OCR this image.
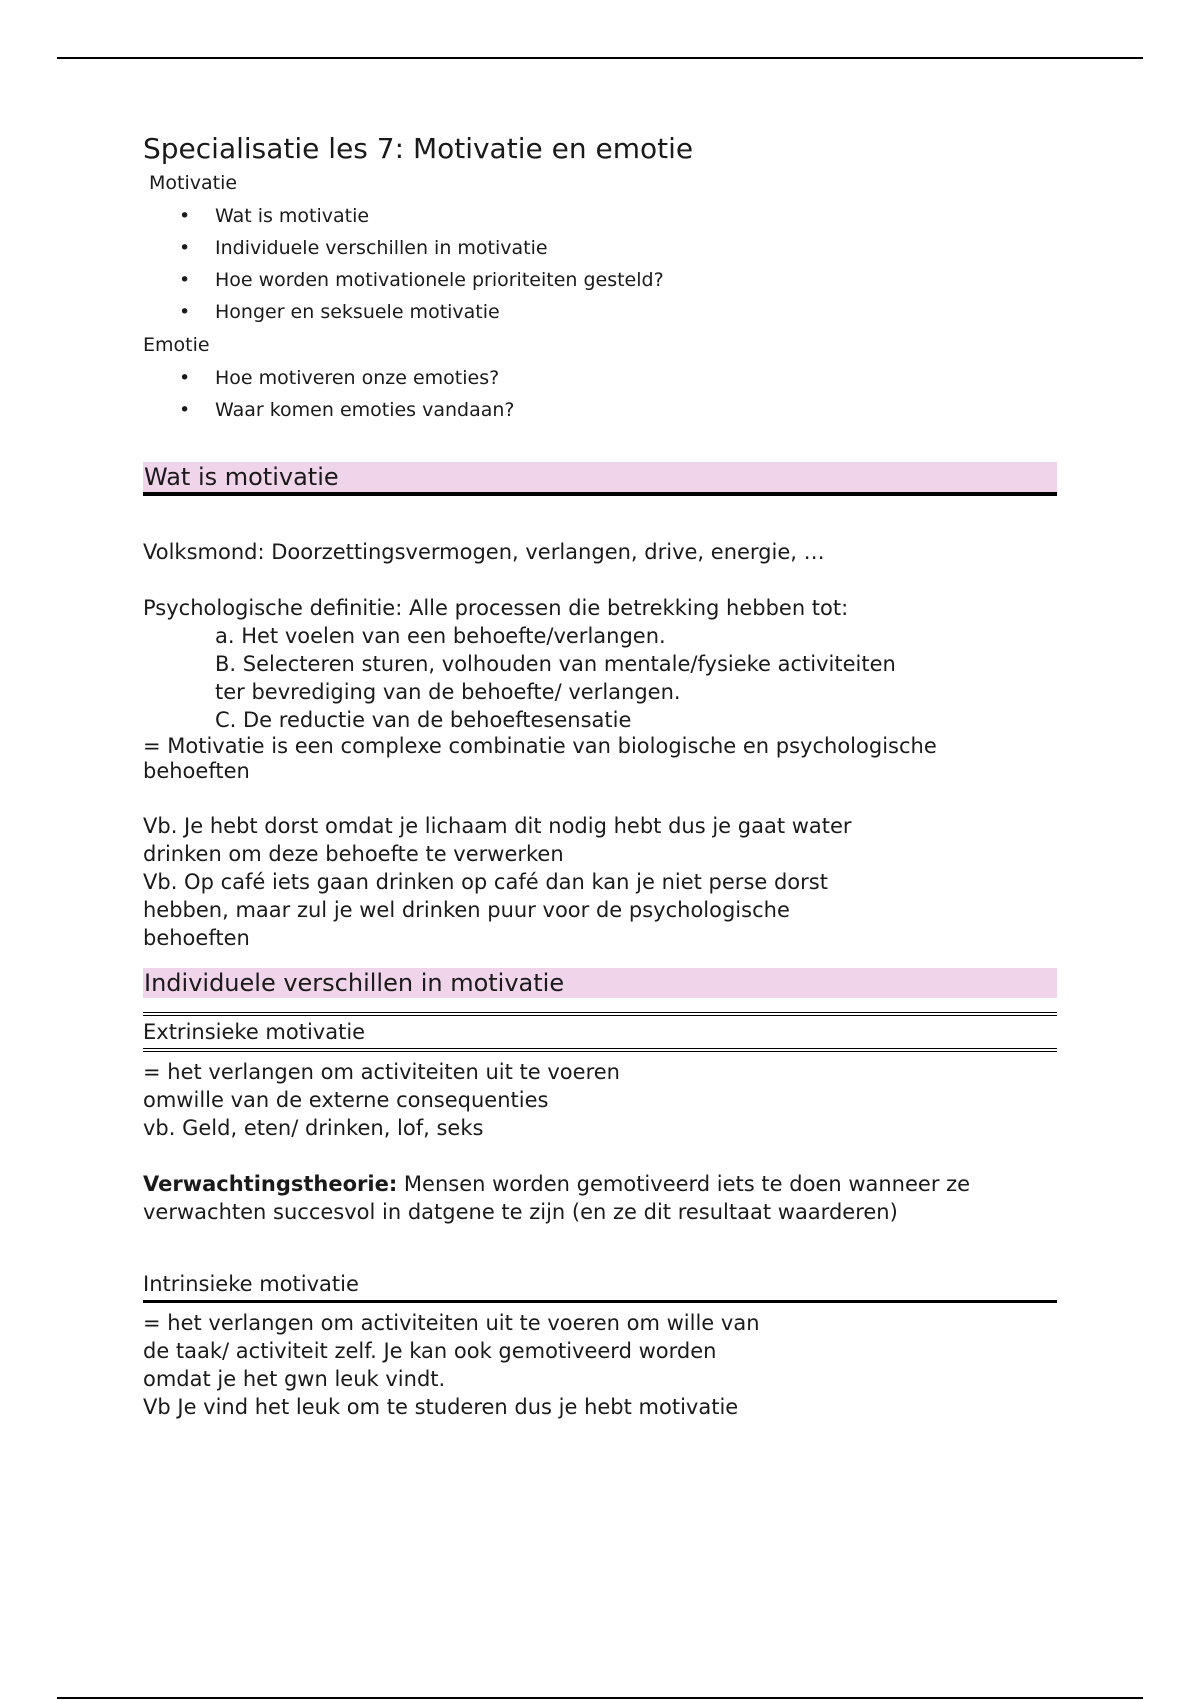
Specialisatie les 7: Motivatie en emotie
Motivatie
• Wat is motivatie
• Individuele verschillen in motivatie
• Hoe worden motivationele prioriteiten gesteld?
• Honger en seksuele motivatie
Emotie
• Hoe motiveren onze emoties?
• Waar komen emoties vandaan?
Wat is motivatie

Volksmond: Doorzettingsvermogen, verlangen, drive, energie, …

Psychologische definitie: Alle processen die betrekking hebben tot:

a. Het voelen van een behoefte/verlangen.

B. Selecteren sturen, volhouden van mentale/fysieke activiteiten

ter bevrediging van de behoefte/ verlangen.

C. De reductie van de behoeftesensatie

= Motivatie is een complexe combinatie van biologische en psychologische

behoeften

Vb. Je hebt dorst omdat je lichaam dit nodig hebt dus je gaat water

drinken om deze behoefte te verwerken

Vb. Op café iets gaan drinken op café dan kan je niet perse dorst

hebben, maar zul je wel drinken puur voor de psychologische

behoeften

Individuele verschillen in motivatie
Extrinsieke motivatie

= het verlangen om activiteiten uit te voeren

omwille van de externe consequenties

vb. Geld, eten/ drinken, lof, seks

Verwachtingstheorie: Mensen worden gemotiveerd iets te doen wanneer ze

verwachten succesvol in datgene te zijn (en ze dit resultaat waarderen)

Intrinsieke motivatie

= het verlangen om activiteiten uit te voeren om wille van

de taak/ activiteit zelf. Je kan ook gemotiveerd worden

omdat je het gwn leuk vindt.

Vb Je vind het leuk om te studeren dus je hebt motivatie
